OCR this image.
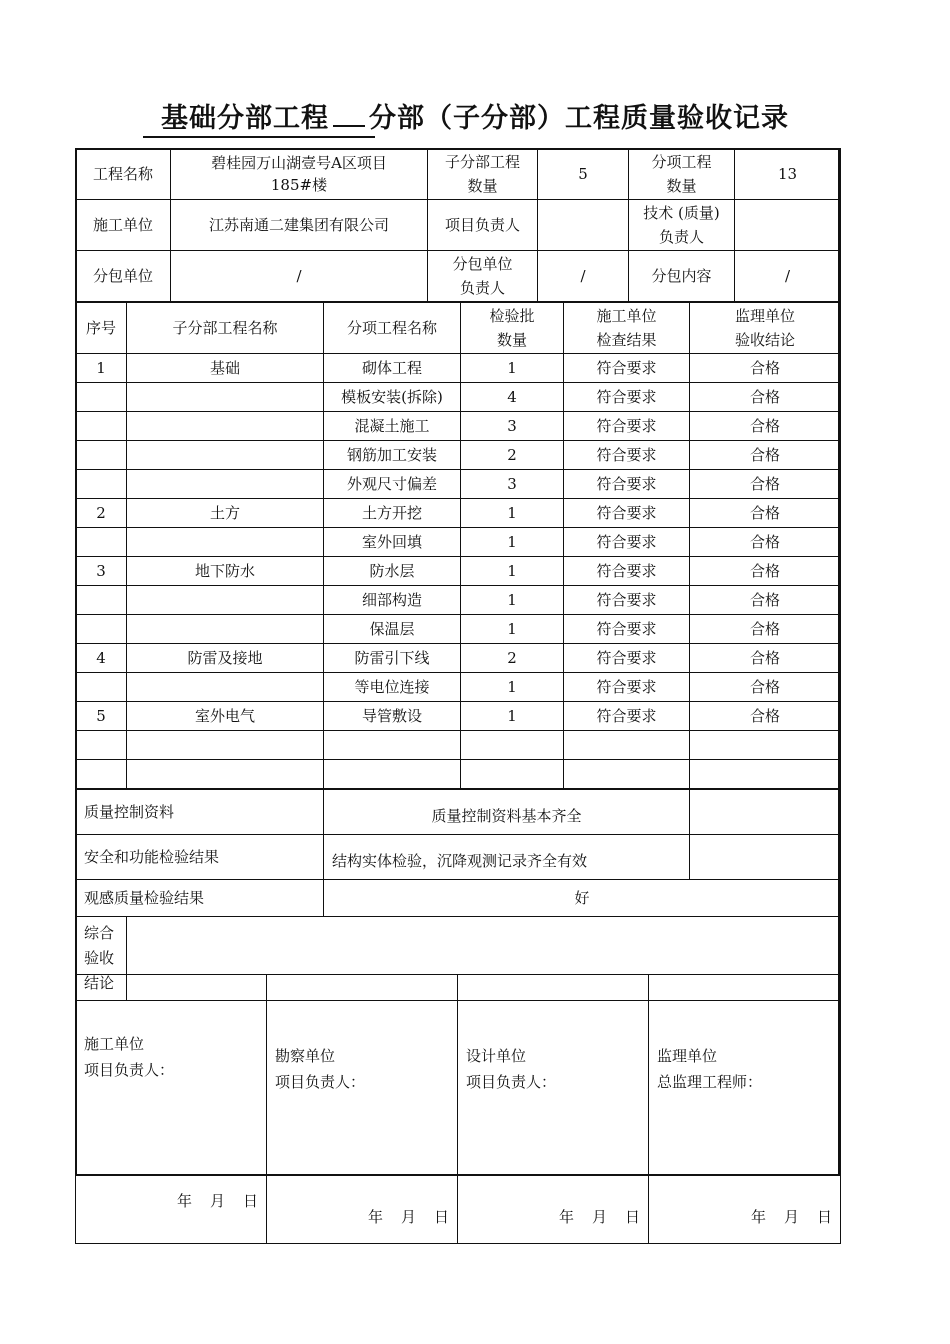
基础分部工程 分部（子分部）工程质量验收记录
工程名称	碧桂园万山湖壹号A区项目185#楼	子分部工程数量	5	分项工程数量	13
施工单位	江苏南通二建集团有限公司	项目负责人		技术 (质量)负责人	
分包单位	/	分包单位负责人	/	分包内容	/
序号	子分部工程名称	分项工程名称	检验批数量	施工单位检查结果	监理单位验收结论
1	基础	砌体工程	1	符合要求	合格
		模板安装(拆除)	4	符合要求	合格
		混凝土施工	3	符合要求	合格
		钢筋加工安装	2	符合要求	合格
		外观尺寸偏差	3	符合要求	合格
2	土方	土方开挖	1	符合要求	合格
		室外回填	1	符合要求	合格
3	地下防水	防水层	1	符合要求	合格
		细部构造	1	符合要求	合格
		保温层	1	符合要求	合格
4	防雷及接地	防雷引下线	2	符合要求	合格
		等电位连接	1	符合要求	合格
5	室外电气	导管敷设	1	符合要求	合格

质量控制资料		质量控制资料基本齐全	
安全和功能检验结果		结构实体检验，沉降观测记录齐全有效	
观感质量检验结果		好	

综合
验收
结论			

施工单位
项目负责人：
年 月 日

勘察单位
项目负责人：
年 月 日

设计单位
项目负责人：
年 月 日

监理单位
总监理工程师：
年 月 日
